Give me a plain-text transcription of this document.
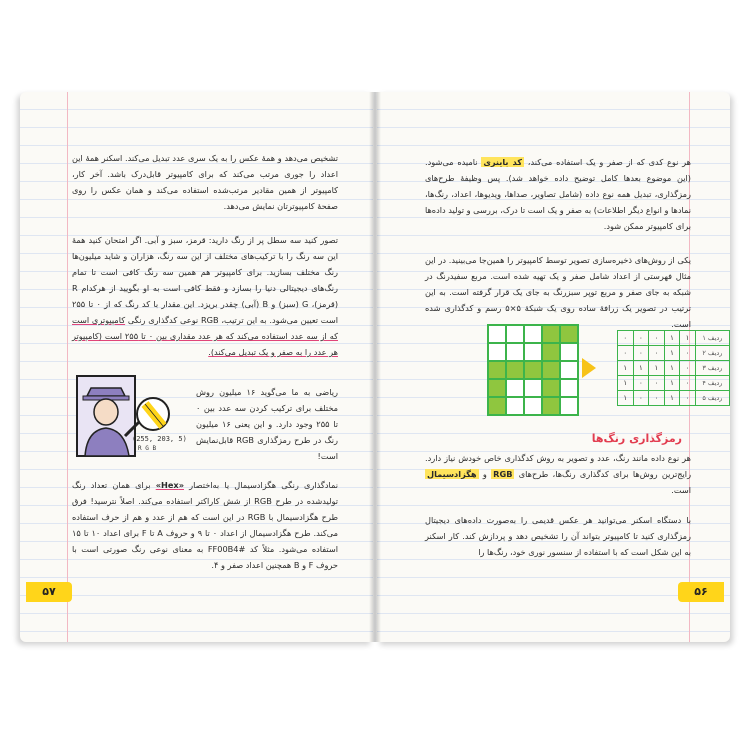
تشخیص می‌دهد و همهٔ عکس را به یک سری عدد تبدیل می‌کند. اسکنر همهٔ این اعداد را جوری مرتب می‌کند که برای کامپیوتر قابل‌درک باشد. آخر کار، کامپیوتر از همین مقادیر مرتب‌شده استفاده می‌کند و همان عکس را روی صفحهٔ کامپیوترتان نمایش می‌دهد.
تصور کنید سه سطل پر از رنگ دارید: قرمز، سبز و آبی. اگر امتحان کنید همهٔ این سه رنگ را با ترکیب‌های مختلف از این سه رنگ، هزاران و شاید میلیون‌ها رنگ مختلف بسازید. برای کامپیوتر هم همین سه رنگ کافی است تا تمام رنگ‌های دیجیتالی دنیا را بسازد و فقط کافی است به او بگویید از هرکدام R (قرمز)، G (سبز) و B (آبی) چقدر بریزد. این مقدار با کد رنگ که از ۰ تا ۲۵۵ است تعیین می‌شود. به این ترتیب، RGB نوعی کدگذاری رنگی کامپیوتری است که از سه عدد استفاده می‌کند که هر عدد مقداری بین ۰ تا ۲۵۵ است (کامپیوتر هر عدد را به صفر و یک تبدیل می‌کند).
ریاضی به ما می‌گوید ۱۶ میلیون روش مختلف برای ترکیب کردن سه عدد بین ۰ تا ۲۵۵ وجود دارد. و این یعنی ۱۶ میلیون رنگ در طرح رمزگذاری RGB قابل‌نمایش است!
(255, 203, 5)
R G B
نمادگذاری رنگی هگزادسیمال یا به‌اختصار «Hex» برای همان تعداد رنگ تولیدشده در طرح RGB از شش کاراکتر استفاده می‌کند. اصلاً نترسید! فرق طرح هگزادسیمال با RGB در این است که هم از عدد و هم از حرف استفاده می‌کند. طرح هگزادسیمال از اعداد ۰ تا ۹ و حروف A تا F برای اعداد ۱۰ تا ۱۵ استفاده می‌شود. مثلاً کد #FF00B4 به معنای نوعی رنگ صورتی است با حروف F و B همچنین اعداد صفر و ۴.
۵۷
هر نوع کدی که از صفر و یک استفاده می‌کند، کد باینری نامیده می‌شود. (این موضوع بعدها کامل توضیح داده خواهد شد). پس وظیفهٔ طرح‌های رمزگذاری، تبدیل همه نوع داده (شامل تصاویر، صداها، ویدیوها، اعداد، رنگ‌ها، نمادها و انواع دیگر اطلاعات) به صفر و یک است تا درک، بررسی و تولید داده‌ها برای کامپیوتر ممکن شود.
یکی از روش‌های ذخیره‌سازی تصویر توسط کامپیوتر را همین‌جا می‌بینید. در این مثال فهرستی از اعداد شامل صفر و یک تهیه شده است. مربع سفیدرنگ در شبکه به جای صفر و مربع توپر سبزرنگ به جای یک قرار گرفته است. به این ترتیب در تصویر یک زرافهٔ ساده روی یک شبکهٔ ۵×۵ رسم و کدگذاری شده است.
ردیف ۱	۱	۱	۰	۰	۰
ردیف ۲	۰	۱	۰	۰	۰
ردیف ۳	۰	۱	۱	۱	۱
ردیف ۴	۰	۱	۰	۰	۱
ردیف ۵	۰	۱	۰	۰	۱
رمزگذاری رنگ‌ها
هر نوع داده مانند رنگ، عدد و تصویر به روش کدگذاری خاص خودش نیاز دارد. رایج‌ترین روش‌ها برای کدگذاری رنگ‌ها، طرح‌های RGB و هگزادسیمال است.
با دستگاه اسکنر می‌توانید هر عکس قدیمی را به‌صورت داده‌های دیجیتال رمزگذاری کنید تا کامپیوتر بتواند آن را تشخیص دهد و پردازش کند. کار اسکنر به این شکل است که با استفاده از سنسور نوری خود، رنگ‌ها را
۵۶
